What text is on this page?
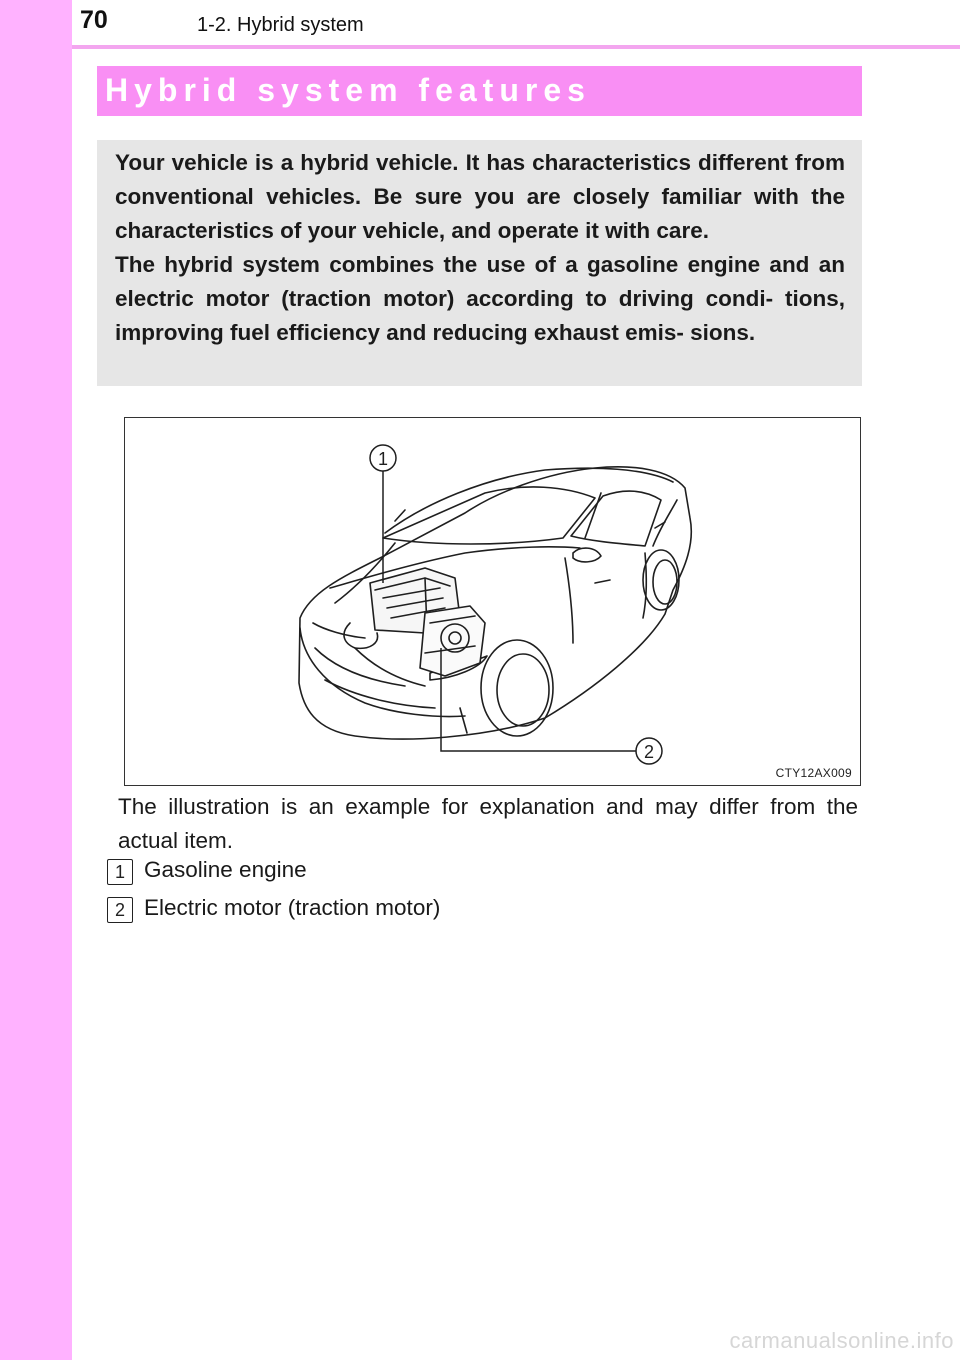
70	1-2. Hybrid system
Hybrid system features

Your vehicle is a hybrid vehicle. It has characteristics different from conventional vehicles. Be sure you are closely familiar with the characteristics of your vehicle, and operate it with care.

The hybrid system combines the use of a gasoline engine and an electric motor (traction motor) according to driving condi- tions, improving fuel efficiency and reducing exhaust emis- sions.

1
2
CTY12AX009

The illustration is an example for explanation and may differ from the actual item.

1 Gasoline engine
2 Electric motor (traction motor)
carmanualsonline.info
